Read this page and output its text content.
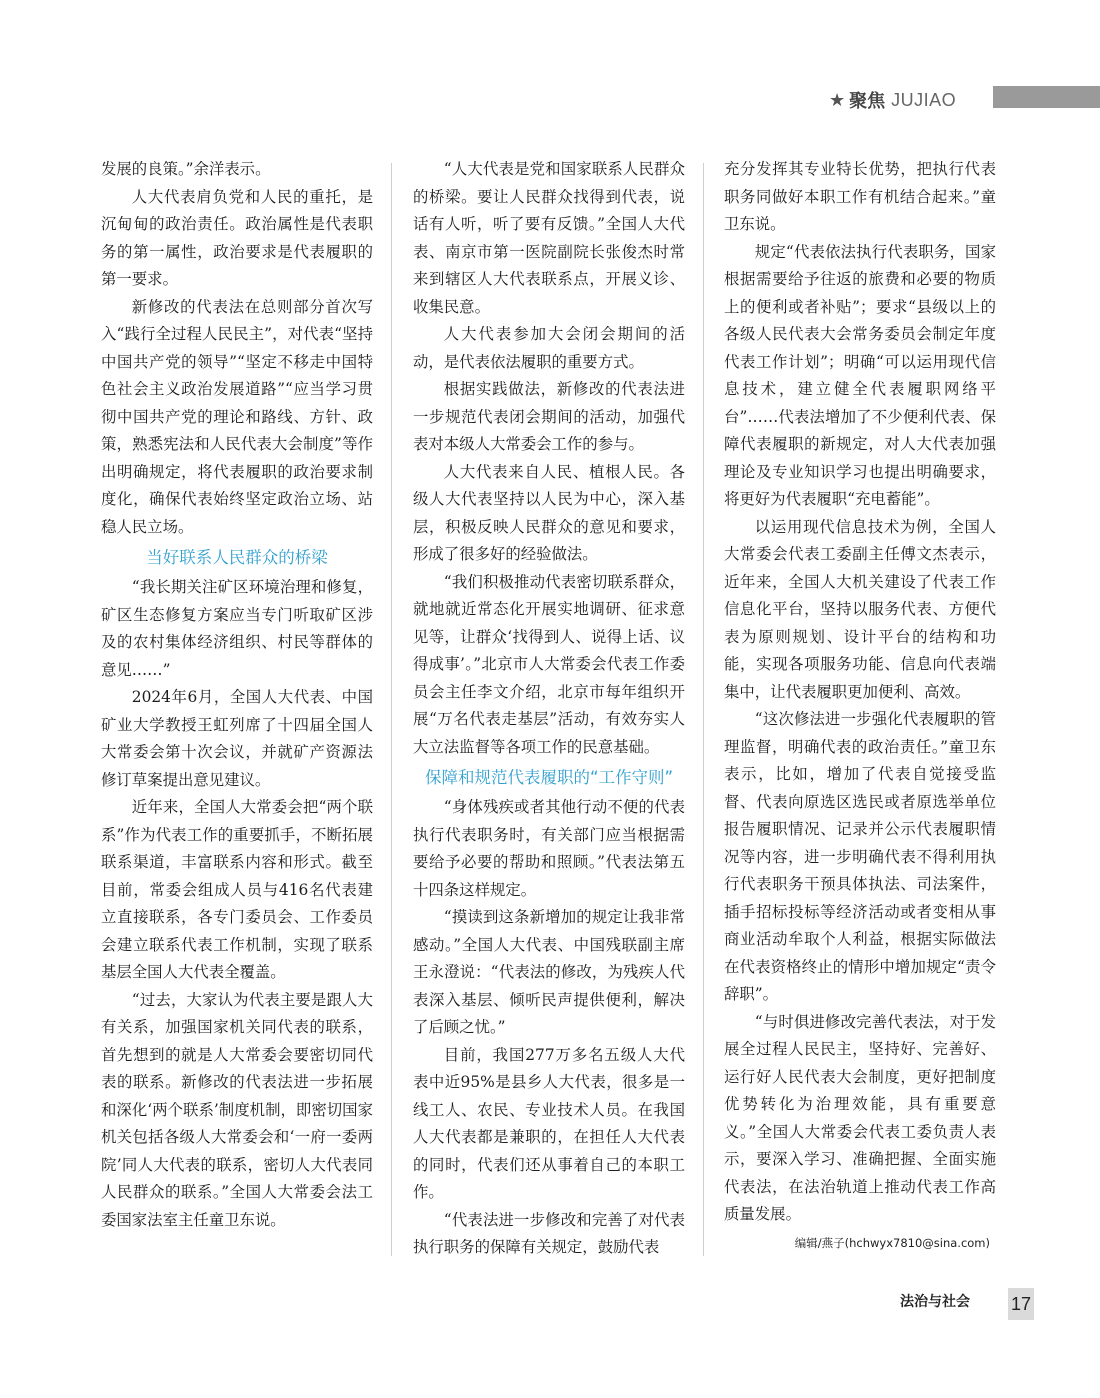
★ 聚焦 JUJIAO

发展的良策。”余洋表示。

人大代表肩负党和人民的重托，是沉甸甸的政治责任。政治属性是代表职务的第一属性，政治要求是代表履职的第一要求。

新修改的代表法在总则部分首次写入“践行全过程人民民主”，对代表“坚持中国共产党的领导”“坚定不移走中国特色社会主义政治发展道路”“应当学习贯彻中国共产党的理论和路线、方针、政策，熟悉宪法和人民代表大会制度”等作出明确规定，将代表履职的政治要求制度化，确保代表始终坚定政治立场、站稳人民立场。

当好联系人民群众的桥梁

“我长期关注矿区环境治理和修复，矿区生态修复方案应当专门听取矿区涉及的农村集体经济组织、村民等群体的意见……”

2024年6月，全国人大代表、中国矿业大学教授王虹列席了十四届全国人大常委会第十次会议，并就矿产资源法修订草案提出意见建议。

近年来，全国人大常委会把“两个联系”作为代表工作的重要抓手，不断拓展联系渠道，丰富联系内容和形式。截至目前，常委会组成人员与416名代表建立直接联系，各专门委员会、工作委员会建立联系代表工作机制，实现了联系基层全国人大代表全覆盖。

“过去，大家认为代表主要是跟人大有关系，加强国家机关同代表的联系，首先想到的就是人大常委会要密切同代表的联系。新修改的代表法进一步拓展和深化‘两个联系’制度机制，即密切国家机关包括各级人大常委会和‘一府一委两院’同人大代表的联系，密切人大代表同人民群众的联系。”全国人大常委会法工委国家法室主任童卫东说。

“人大代表是党和国家联系人民群众的桥梁。要让人民群众找得到代表，说话有人听，听了要有反馈。”全国人大代表、南京市第一医院副院长张俊杰时常来到辖区人大代表联系点，开展义诊、收集民意。

人大代表参加大会闭会期间的活动，是代表依法履职的重要方式。

根据实践做法，新修改的代表法进一步规范代表闭会期间的活动，加强代表对本级人大常委会工作的参与。

人大代表来自人民、植根人民。各级人大代表坚持以人民为中心，深入基层，积极反映人民群众的意见和要求，形成了很多好的经验做法。

“我们积极推动代表密切联系群众，就地就近常态化开展实地调研、征求意见等，让群众‘找得到人、说得上话、议得成事’。”北京市人大常委会代表工作委员会主任李文介绍，北京市每年组织开展“万名代表走基层”活动，有效夯实人大立法监督等各项工作的民意基础。

保障和规范代表履职的“工作守则”

“身体残疾或者其他行动不便的代表执行代表职务时，有关部门应当根据需要给予必要的帮助和照顾。”代表法第五十四条这样规定。

“摸读到这条新增加的规定让我非常感动。”全国人大代表、中国残联副主席王永澄说：“代表法的修改，为残疾人代表深入基层、倾听民声提供便利，解决了后顾之忧。”

目前，我国277万多名五级人大代表中近95%是县乡人大代表，很多是一线工人、农民、专业技术人员。在我国人大代表都是兼职的，在担任人大代表的同时，代表们还从事着自己的本职工作。

“代表法进一步修改和完善了对代表执行职务的保障有关规定，鼓励代表

充分发挥其专业特长优势，把执行代表职务同做好本职工作有机结合起来。”童卫东说。

规定“代表依法执行代表职务，国家根据需要给予往返的旅费和必要的物质上的便利或者补贴”；要求“县级以上的各级人民代表大会常务委员会制定年度代表工作计划”；明确“可以运用现代信息技术，建立健全代表履职网络平台”……代表法增加了不少便利代表、保障代表履职的新规定，对人大代表加强理论及专业知识学习也提出明确要求，将更好为代表履职“充电蓄能”。

以运用现代信息技术为例，全国人大常委会代表工委副主任傅文杰表示，近年来，全国人大机关建设了代表工作信息化平台，坚持以服务代表、方便代表为原则规划、设计平台的结构和功能，实现各项服务功能、信息向代表端集中，让代表履职更加便利、高效。

“这次修法进一步强化代表履职的管理监督，明确代表的政治责任。”童卫东表示，比如，增加了代表自觉接受监督、代表向原选区选民或者原选举单位报告履职情况、记录并公示代表履职情况等内容，进一步明确代表不得利用执行代表职务干预具体执法、司法案件，插手招标投标等经济活动或者变相从事商业活动牟取个人利益，根据实际做法在代表资格终止的情形中增加规定“责令辞职”。

“与时俱进修改完善代表法，对于发展全过程人民民主，坚持好、完善好、运行好人民代表大会制度，更好把制度优势转化为治理效能，具有重要意义。”全国人大常委会代表工委负责人表示，要深入学习、准确把握、全面实施代表法，在法治轨道上推动代表工作高质量发展。

编辑/燕子(hchwyx7810@sina.com)
法治与社会 17
